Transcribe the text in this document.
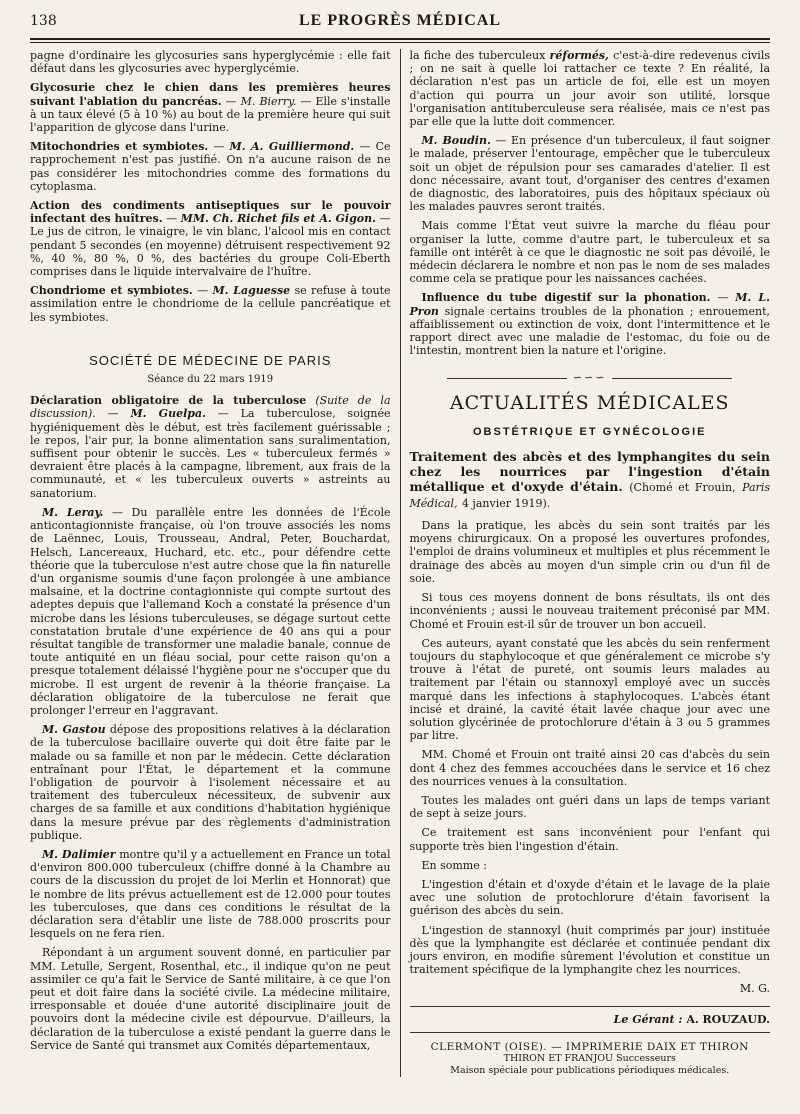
138	LE PROGRÈS MÉDICAL

pagne d'ordinaire les glycosuries sans hyperglycémie : elle fait défaut dans les glycosuries avec hyperglycémie.

Glycosurie chez le chien dans les premières heures suivant l'ablation du pancréas. — M. Bierry. — Elle s'installe à un taux élevé (5 à 10 %) au bout de la première heure qui suit l'apparition de glycose dans l'urine.

Mitochondries et symbiotes. — M. A. Guilliermond. — Ce rapprochement n'est pas justifié. On n'a aucune raison de ne pas considérer les mitochondries comme des formations du cytoplasma.

Action des condiments antiseptiques sur le pouvoir infectant des huîtres. — MM. Ch. Richet fils et A. Gigon. — Le jus de citron, le vinaigre, le vin blanc, l'alcool mis en contact pendant 5 secondes (en moyenne) détruisent respectivement 92 %, 40 %, 80 %, 0 %, des bactéries du groupe Coli-Eberth comprises dans le liquide intervalvaire de l'huître.

Chondriome et symbiotes. — M. Laguesse se refuse à toute assimilation entre le chondriome de la cellule pancréatique et les symbiotes.

SOCIÉTÉ DE MÉDECINE DE PARIS
Séance du 22 mars 1919

Déclaration obligatoire de la tuberculose (Suite de la discussion). — M. Guelpa. — La tuberculose, soignée hygiéniquement dès le début, est très facilement guérissable ; le repos, l'air pur, la bonne alimentation sans suralimentation, suffisent pour obtenir le succès. Les « tuberculeux fermés » devraient être placés à la campagne, librement, aux frais de la communauté, et « les tuberculeux ouverts » astreints au sanatorium.

M. Leray. — Du parallèle entre les données de l'École anticontagionniste française, où l'on trouve associés les noms de Laënnec, Louis, Trousseau, Andral, Peter, Bouchardat, Helsch, Lancereaux, Huchard, etc. etc., pour défendre cette théorie que la tuberculose n'est autre chose que la fin naturelle d'un organisme soumis d'une façon prolongée à une ambiance malsaine, et la doctrine contagionniste qui compte surtout des adeptes depuis que l'allemand Koch a constaté la présence d'un microbe dans les lésions tuberculeuses, se dégage surtout cette constatation brutale d'une expérience de 40 ans qui a pour résultat tangible de transformer une maladie banale, connue de toute antiquité en un fléau social, pour cette raison qu'on a presque totalement délaissé l'hygiène pour ne s'occuper que du microbe. Il est urgent de revenir à la théorie française. La déclaration obligatoire de la tuberculose ne ferait que prolonger l'erreur en l'aggravant.

M. Gastou dépose des propositions relatives à la déclaration de la tuberculose bacillaire ouverte qui doit être faite par le malade ou sa famille et non par le médecin. Cette déclaration entraînant pour l'État, le département et la commune l'obligation de pourvoir à l'isolement nécessaire et au traitement des tuberculeux nécessiteux, de subvenir aux charges de sa famille et aux conditions d'habitation hygiénique dans la mesure prévue par des règlements d'administration publique.

M. Dalimier montre qu'il y a actuellement en France un total d'environ 800.000 tuberculeux (chiffre donné à la Chambre au cours de la discussion du projet de loi Merlin et Honnorat) que le nombre de lits prévus actuellement est de 12.000 pour toutes les tuberculoses, que dans ces conditions le résultat de la déclaration sera d'établir une liste de 788.000 proscrits pour lesquels on ne fera rien.

Répondant à un argument souvent donné, en particulier par MM. Letulle, Sergent, Rosenthal, etc., il indique qu'on ne peut assimiler ce qu'a fait le Service de Santé militaire, à ce que l'on peut et doit faire dans la société civile. La médecine militaire, irresponsable et douée d'une autorité disciplinaire jouit de pouvoirs dont la médecine civile est dépourvue. D'ailleurs, la déclaration de la tuberculose a existé pendant la guerre dans le Service de Santé qui transmet aux Comités départementaux,

la fiche des tuberculeux réformés, c'est-à-dire redevenus civils ; on ne sait à quelle loi rattacher ce texte ? En réalité, la déclaration n'est pas un article de foi, elle est un moyen d'action qui pourra un jour avoir son utilité, lorsque l'organisation antituberculeuse sera réalisée, mais ce n'est pas par elle que la lutte doit commencer.

M. Boudin. — En présence d'un tuberculeux, il faut soigner le malade, préserver l'entourage, empêcher que le tuberculeux soit un objet de répulsion pour ses camarades d'atelier. Il est donc nécessaire, avant tout, d'organiser des centres d'examen de diagnostic, des laboratoires, puis des hôpitaux spéciaux où les malades pauvres seront traités.

Mais comme l'État veut suivre la marche du fléau pour organiser la lutte, comme d'autre part, le tuberculeux et sa famille ont intérêt à ce que le diagnostic ne soit pas dévoilé, le médecin déclarera le nombre et non pas le nom de ses malades comme cela se pratique pour les naissances cachées.

Influence du tube digestif sur la phonation. — M. L. Pron signale certains troubles de la phonation ; enrouement, affaiblissement ou extinction de voix, dont l'intermittence et le rapport direct avec une maladie de l'estomac, du foie ou de l'intestin, montrent bien la nature et l'origine.

∽∽∽
ACTUALITÉS MÉDICALES
OBSTÉTRIQUE ET GYNÉCOLOGIE
Traitement des abcès et des lymphangites du sein chez les nourrices par l'ingestion d'étain métallique et d'oxyde d'étain. (Chomé et Frouin, Paris Médical, 4 janvier 1919).

Dans la pratique, les abcès du sein sont traités par les moyens chirurgicaux. On a proposé les ouvertures profondes, l'emploi de drains volumineux et multiples et plus récemment le drainage des abcès au moyen d'un simple crin ou d'un fil de soie.

Si tous ces moyens donnent de bons résultats, ils ont des inconvénients ; aussi le nouveau traitement préconisé par MM. Chomé et Frouin est-il sûr de trouver un bon accueil.

Ces auteurs, ayant constaté que les abcès du sein renferment toujours du staphylocoque et que généralement ce microbe s'y trouve à l'état de pureté, ont soumis leurs malades au traitement par l'étain ou stannoxyl employé avec un succès marqué dans les infections à staphylocoques. L'abcès étant incisé et drainé, la cavité était lavée chaque jour avec une solution glycérinée de protochlorure d'étain à 3 ou 5 grammes par litre.

MM. Chomé et Frouin ont traité ainsi 20 cas d'abcès du sein dont 4 chez des femmes accouchées dans le service et 16 chez des nourrices venues à la consultation.

Toutes les malades ont guéri dans un laps de temps variant de sept à seize jours.

Ce traitement est sans inconvénient pour l'enfant qui supporte très bien l'ingestion d'étain.

En somme :

L'ingestion d'étain et d'oxyde d'étain et le lavage de la plaie avec une solution de protochlorure d'étain favorisent la guérison des abcès du sein.

L'ingestion de stannoxyl (huit comprimés par jour) instituée dès que la lymphangite est déclarée et continuée pendant dix jours environ, en modifie sûrement l'évolution et constitue un traitement spécifique de la lymphangite chez les nourrices.

M. G.
Le Gérant : A. ROUZAUD.
CLERMONT (OISE). — IMPRIMERIE DAIX ET THIRON
THIRON ET FRANJOU Successeurs
Maison spéciale pour publications périodiques médicales.
